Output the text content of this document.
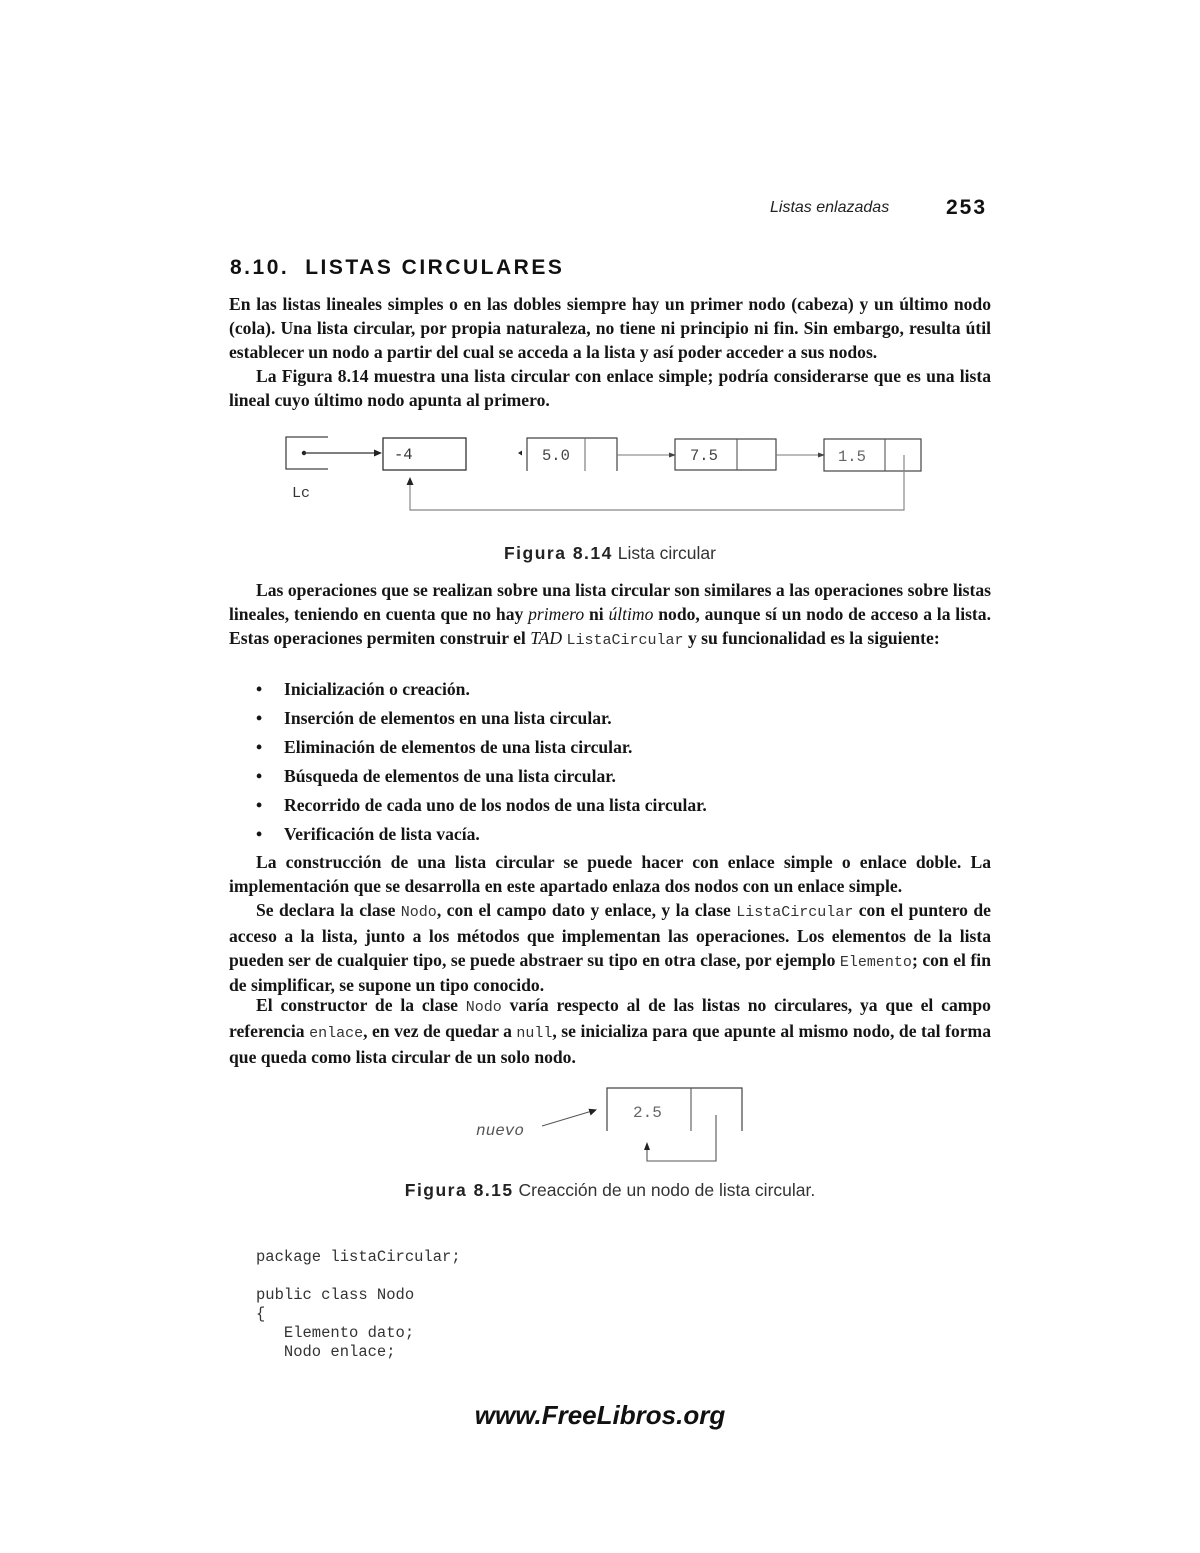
Listas enlazadas	253
8.10. LISTAS CIRCULARES

En las listas lineales simples o en las dobles siempre hay un primer nodo (cabeza) y un último nodo (cola). Una lista circular, por propia naturaleza, no tiene ni principio ni fin. Sin embargo, resulta útil establecer un nodo a partir del cual se acceda a la lista y así poder acceder a sus nodos.

La Figura 8.14 muestra una lista circular con enlace simple; podría considerarse que es una lista lineal cuyo último nodo apunta al primero.

Lc
-4	5.0	7.5	1.5
Figura 8.14 Lista circular

Las operaciones que se realizan sobre una lista circular son similares a las operaciones sobre listas lineales, teniendo en cuenta que no hay primero ni último nodo, aunque sí un nodo de acceso a la lista. Estas operaciones permiten construir el TAD ListaCircular y su funcionalidad es la siguiente:

• Inicialización o creación.
• Inserción de elementos en una lista circular.
• Eliminación de elementos de una lista circular.
• Búsqueda de elementos de una lista circular.
• Recorrido de cada uno de los nodos de una lista circular.
• Verificación de lista vacía.

La construcción de una lista circular se puede hacer con enlace simple o enlace doble. La implementación que se desarrolla en este apartado enlaza dos nodos con un enlace simple.

Se declara la clase Nodo, con el campo dato y enlace, y la clase ListaCircular con el puntero de acceso a la lista, junto a los métodos que implementan las operaciones. Los elementos de la lista pueden ser de cualquier tipo, se puede abstraer su tipo en otra clase, por ejemplo Elemento; con el fin de simplificar, se supone un tipo conocido.

El constructor de la clase Nodo varía respecto al de las listas no circulares, ya que el campo referencia enlace, en vez de quedar a null, se inicializa para que apunte al mismo nodo, de tal forma que queda como lista circular de un solo nodo.

nuevo
2.5
Figura 8.15 Creacción de un nodo de lista circular.

package listaCircular;
public class Nodo
{
Elemento dato;
Nodo enlace;

www.FreeLibros.org
